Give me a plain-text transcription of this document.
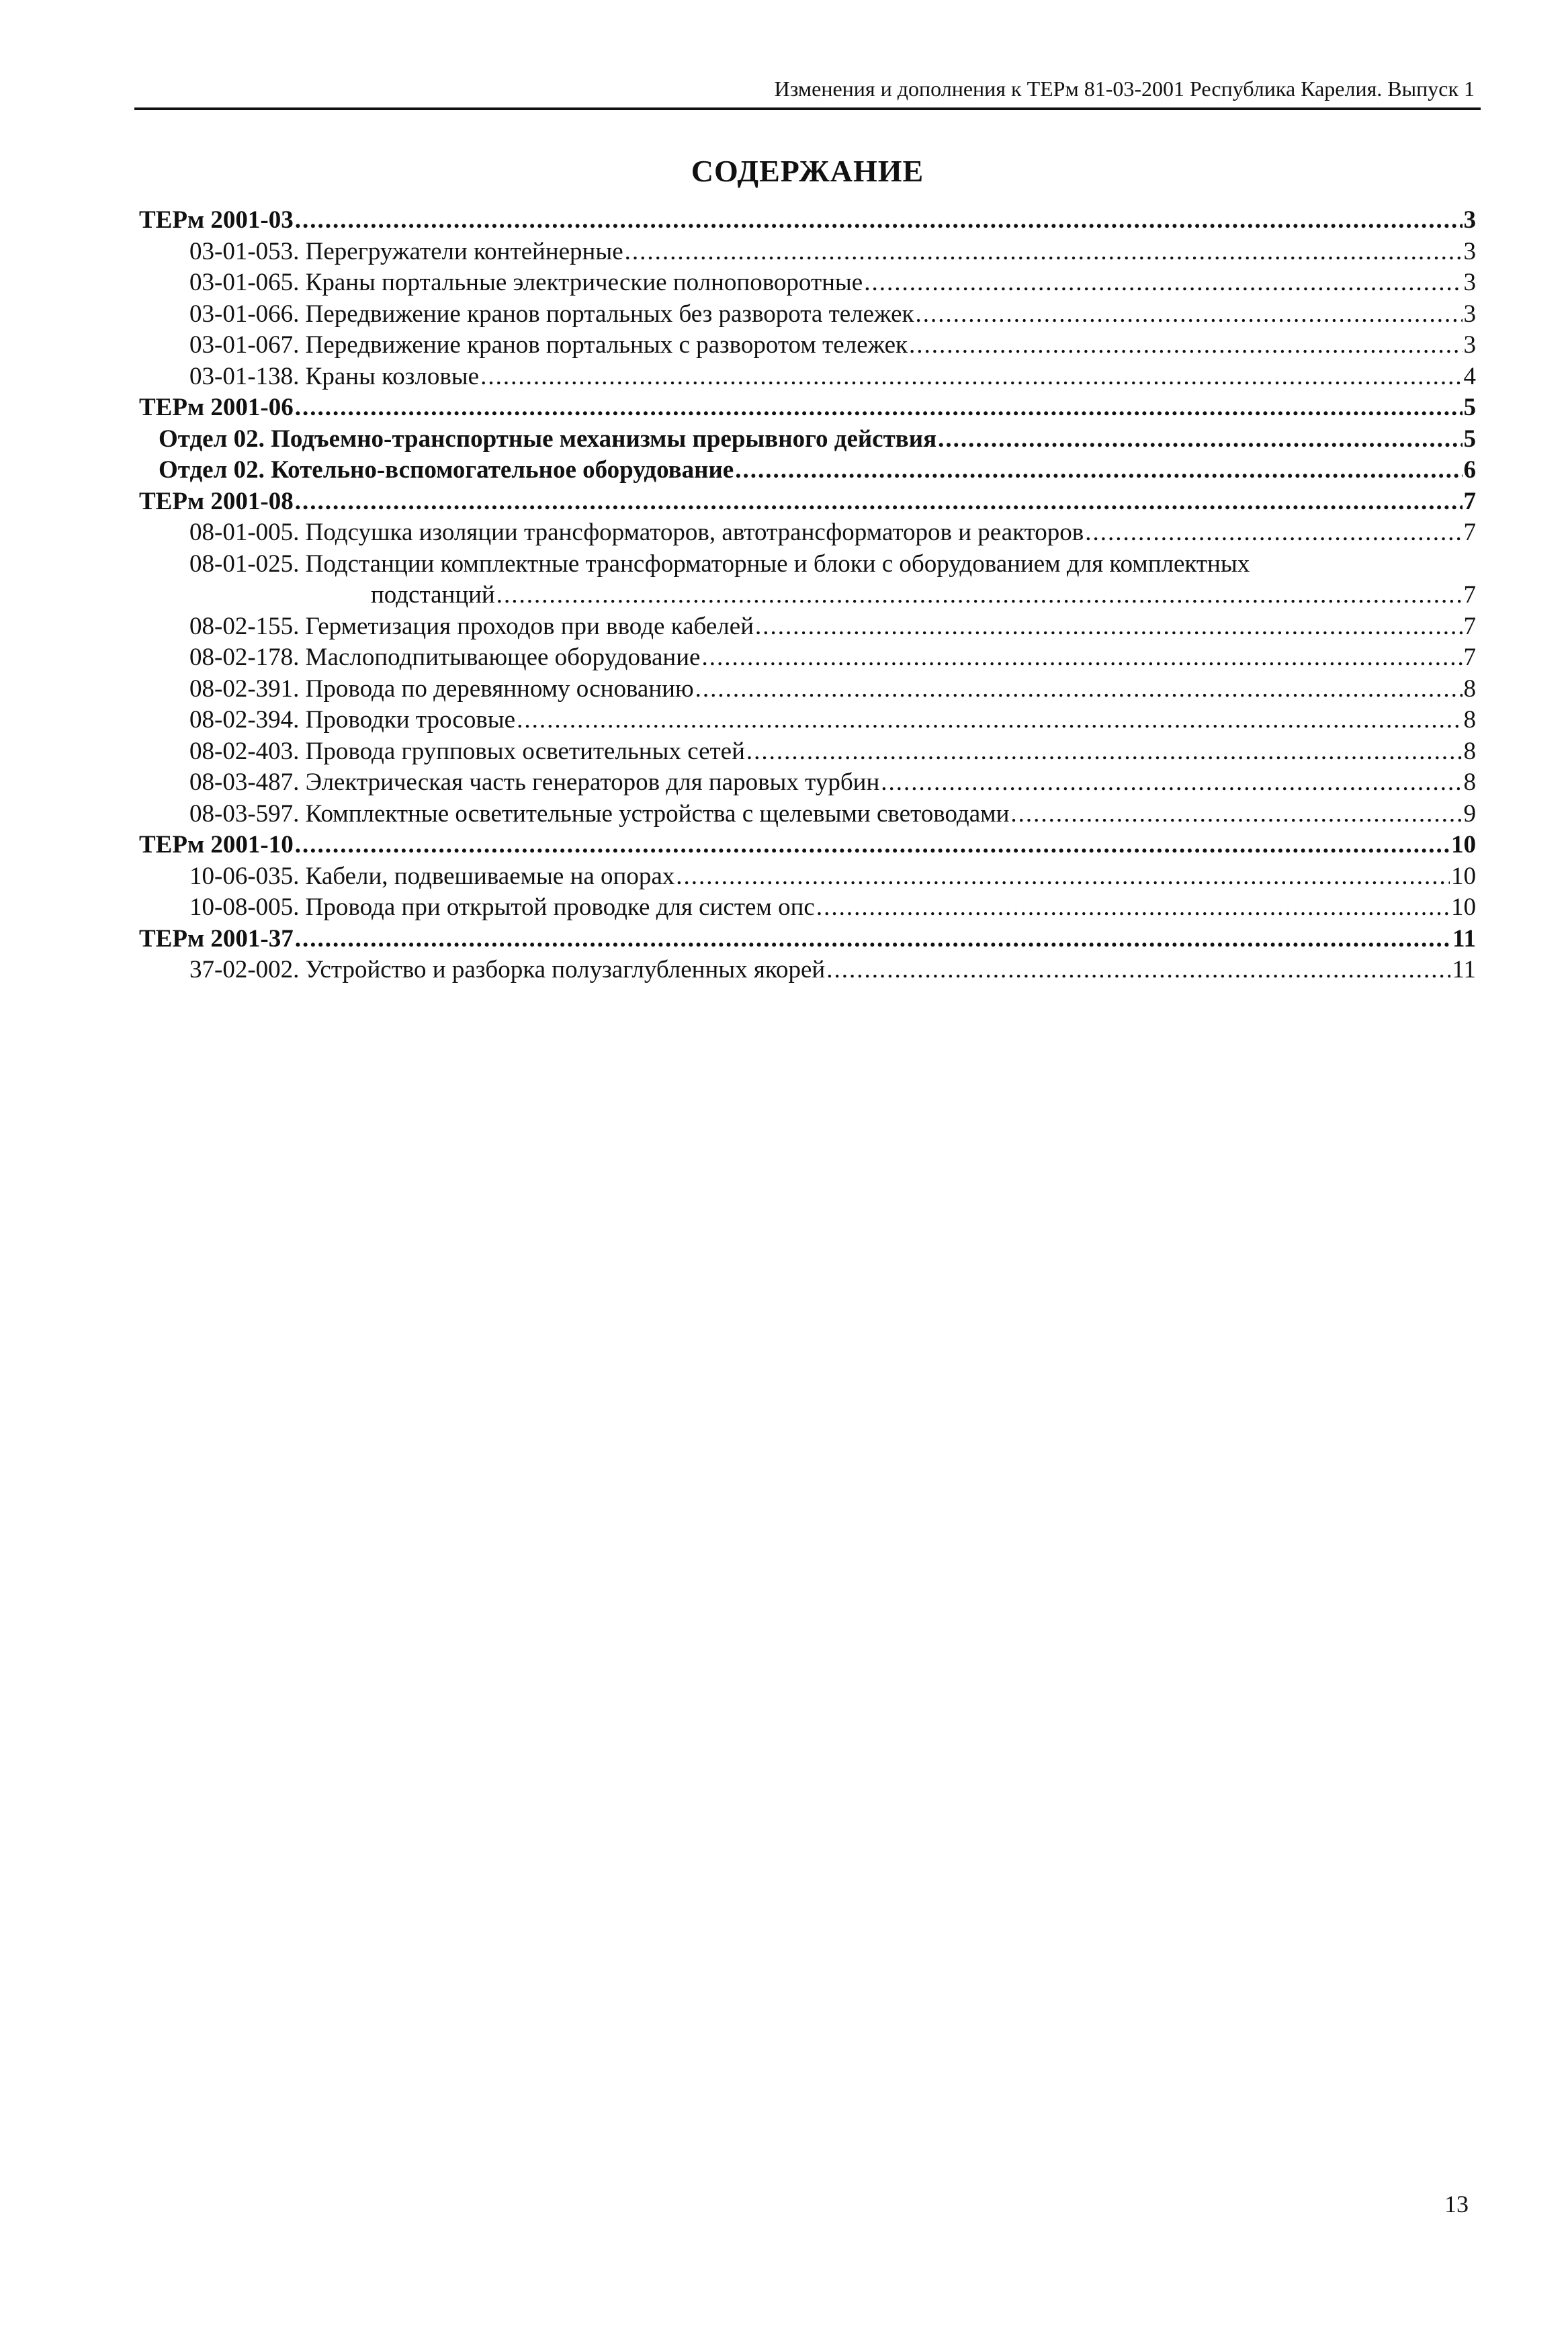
Изменения и дополнения к ТЕРм 81-03-2001 Республика Карелия. Выпуск 1
СОДЕРЖАНИЕ
ТЕРм 2001-03 .....	3
03-01-053. Перегружатели контейнерные .....	3
03-01-065. Краны портальные электрические полноповоротные .....	3
03-01-066. Передвижение кранов портальных без разворота тележек .....	3
03-01-067. Передвижение кранов портальных с разворотом тележек .....	3
03-01-138. Краны козловые .....	4
ТЕРм 2001-06 .....	5
Отдел 02. Подъемно-транспортные механизмы прерывного действия .....	5
Отдел 02. Котельно-вспомогательное оборудование .....	6
ТЕРм 2001-08 .....	7
08-01-005. Подсушка изоляции трансформаторов, автотрансформаторов и реакторов .....	7
08-01-025. Подстанции комплектные трансформаторные и блоки с оборудованием для комплектных
подстанций .....	7
08-02-155. Герметизация проходов при вводе кабелей .....	7
08-02-178. Маслоподпитывающее оборудование .....	7
08-02-391. Провода по деревянному основанию .....	8
08-02-394. Проводки тросовые .....	8
08-02-403. Провода групповых осветительных сетей .....	8
08-03-487. Электрическая часть генераторов для паровых турбин .....	8
08-03-597. Комплектные осветительные устройства с щелевыми световодами .....	9
ТЕРм 2001-10 .....	10
10-06-035. Кабели, подвешиваемые на опорах .....	10
10-08-005. Провода при открытой проводке для систем опс .....	10
ТЕРм 2001-37 .....	11
37-02-002. Устройство и разборка полузаглубленных якорей .....	11
13
